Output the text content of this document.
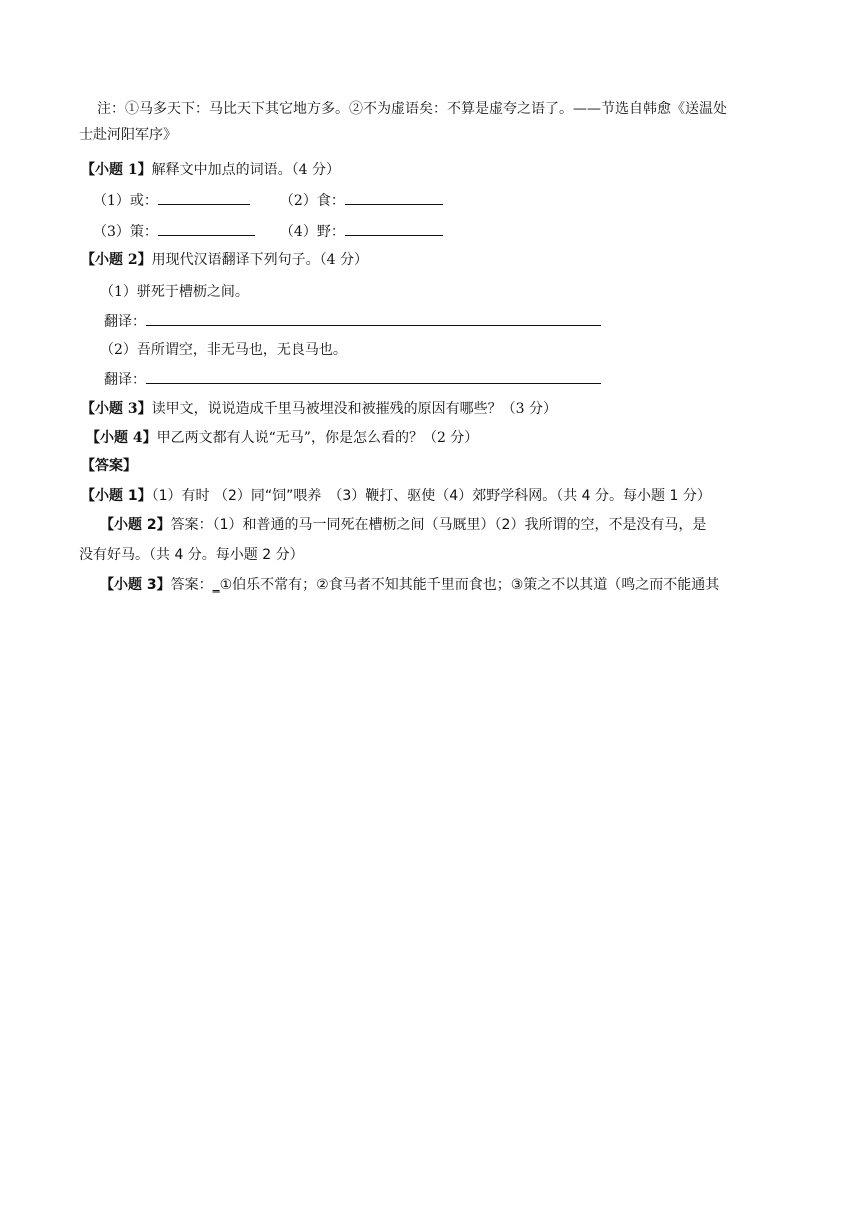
注：①马多天下：马比天下其它地方多。②不为虚语矣：不算是虚夸之语了。——节选自韩愈《送温处
士赴河阳军序》
【小题 1】解释文中加点的词语。（4 分）
（1）或：	（2）食：
（3）策：	（4）野：
【小题 2】用现代汉语翻译下列句子。（4 分）
（1）骈死于槽枥之间。
翻译：
（2）吾所谓空，非无马也，无良马也。
翻译：
【小题 3】读甲文，说说造成千里马被埋没和被摧残的原因有哪些？（3 分）
【小题 4】甲乙两文都有人说“无马”，你是怎么看的？（2 分）
【答案】
【小题 1】（1）有时 （2）同“饲”喂养　（3）鞭打、驱使（4）郊野学科网。（共 4 分。每小题 1 分）
【小题 2】答案：（1）和普通的马一同死在槽枥之间（马厩里）（2）我所谓的空，不是没有马，是
没有好马。（共 4 分。每小题 2 分）
【小题 3】答案：_①伯乐不常有；②食马者不知其能千里而食也；③策之不以其道（鸣之而不能通其
